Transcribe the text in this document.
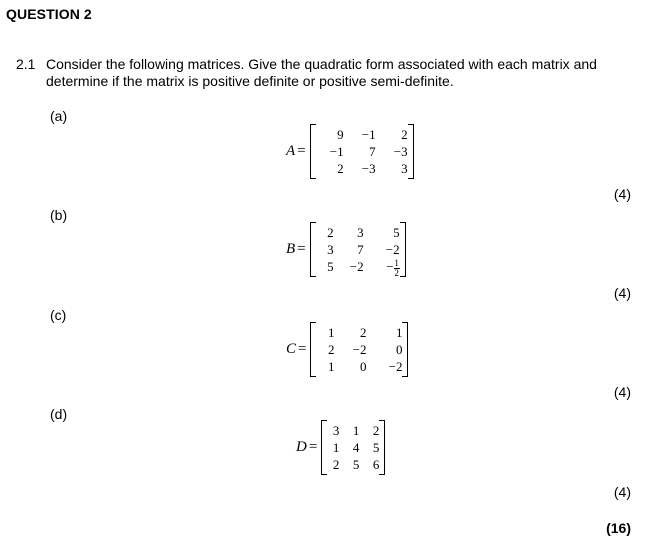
QUESTION 2
2.1 Consider the following matrices. Give the quadratic form associated with each matrix and
determine if the matrix is positive definite or positive semi-definite.
(a)
A =
9	−1	2
−1	7	−3
2	−3	3
(4)
(b)
B =
2	3	5
3	7	−2
5	−2	− $\frac{1}{2}$
(4)
(c)
C =
1	2	1
2	−2	0
1	0	−2
(4)
(d)
D =
3	1	2
1	4	5
2	5	6
(4)
(16)
